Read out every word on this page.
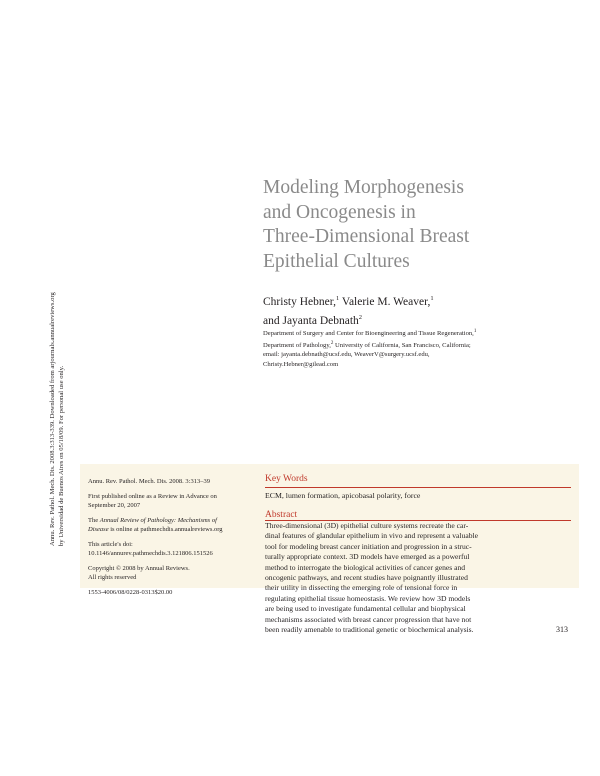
Annu. Rev. Pathol. Mech. Dis. 2008.3:313-339. Downloaded from arjournals.annualreviews.org by Universidad de Buenos Aires on 05/18/09. For personal use only.
Modeling Morphogenesis
and Oncogenesis in
Three-Dimensional Breast
Epithelial Cultures
Christy Hebner,$^1$ Valerie M. Weaver,$^1$
and Jayanta Debnath$^2$
Department of Surgery and Center for Bioengineering and Tissue Regeneration,$^1$
Department of Pathology,$^2$ University of California, San Francisco, California;
email: jayanta.debnath@ucsf.edu, WeaverV@surgery.ucsf.edu,
Christy.Hebner@gilead.com
Annu. Rev. Pathol. Mech. Dis. 2008. 3:313–39
First published online as a Review in Advance on
September 20, 2007
The Annual Review of Pathology: Mechanisms of
Disease is online at pathmechdis.annualreviews.org
This article's doi:
10.1146/annurev.pathmechdis.3.121806.151526
Copyright © 2008 by Annual Reviews.
All rights reserved
1553-4006/08/0228-0313$20.00
Key Words
ECM, lumen formation, apicobasal polarity, force
Abstract
Three-dimensional (3D) epithelial culture systems recreate the car-
dinal features of glandular epithelium in vivo and represent a valuable
tool for modeling breast cancer initiation and progression in a struc-
turally appropriate context. 3D models have emerged as a powerful
method to interrogate the biological activities of cancer genes and
oncogenic pathways, and recent studies have poignantly illustrated
their utility in dissecting the emerging role of tensional force in
regulating epithelial tissue homeostasis. We review how 3D models
are being used to investigate fundamental cellular and biophysical
mechanisms associated with breast cancer progression that have not
been readily amenable to traditional genetic or biochemical analysis.	313
